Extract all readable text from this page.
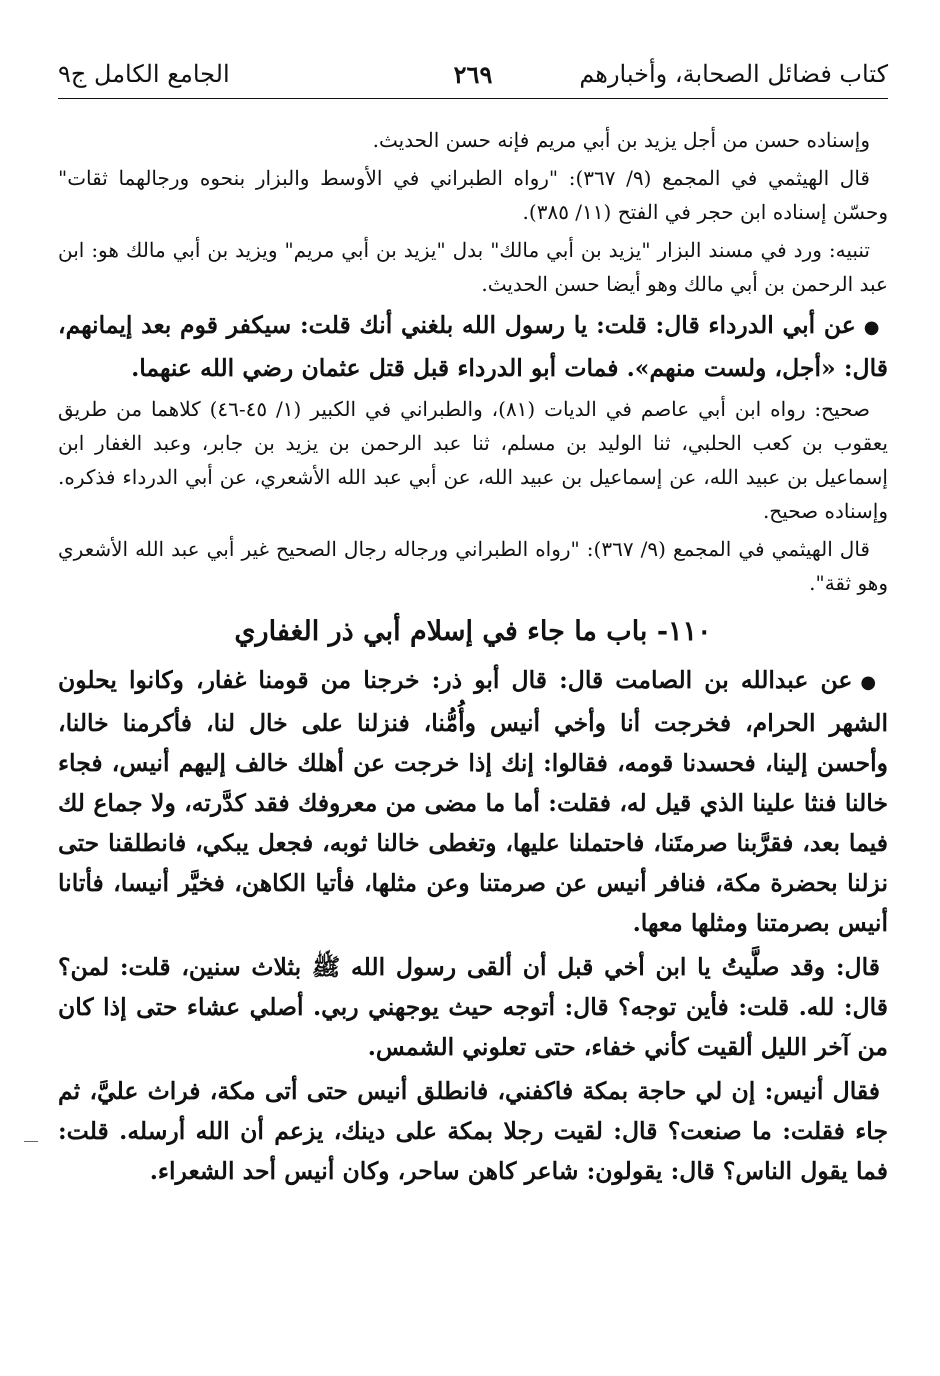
كتاب فضائل الصحابة، وأخبارهم
٢٦٩
الجامع الكامل ج٩

وإسناده حسن من أجل يزيد بن أبي مريم فإنه حسن الحديث.

قال الهيثمي في المجمع (٩/ ٣٦٧): "رواه الطبراني في الأوسط والبزار بنحوه ورجالهما ثقات" وحسّن إسناده ابن حجر في الفتح (١١/ ٣٨٥).

تنبيه: ورد في مسند البزار "يزيد بن أبي مالك" بدل "يزيد بن أبي مريم" ويزيد بن أبي مالك هو: ابن عبد الرحمن بن أبي مالك وهو أيضا حسن الحديث.

●عن أبي الدرداء قال: قلت: يا رسول الله بلغني أنك قلت: سيكفر قوم بعد إيمانهم، قال: «أجل، ولست منهم». فمات أبو الدرداء قبل قتل عثمان رضي الله عنهما.

صحيح: رواه ابن أبي عاصم في الديات (٨١)، والطبراني في الكبير (١/ ٤٥-٤٦) كلاهما من طريق يعقوب بن كعب الحلبي، ثنا الوليد بن مسلم، ثنا عبد الرحمن بن يزيد بن جابر، وعبد الغفار ابن إسماعيل بن عبيد الله، عن إسماعيل بن عبيد الله، عن أبي عبد الله الأشعري، عن أبي الدرداء فذكره. وإسناده صحيح.

قال الهيثمي في المجمع (٩/ ٣٦٧): "رواه الطبراني ورجاله رجال الصحيح غير أبي عبد الله الأشعري وهو ثقة".

١١٠- باب ما جاء في إسلام أبي ذر الغفاري

●عن عبدالله بن الصامت قال: قال أبو ذر: خرجنا من قومنا غفار، وكانوا يحلون الشهر الحرام، فخرجت أنا وأخي أنيس وأُمُّنا، فنزلنا على خال لنا، فأكرمنا خالنا، وأحسن إلينا، فحسدنا قومه، فقالوا: إنك إذا خرجت عن أهلك خالف إليهم أنيس، فجاء خالنا فنثا علينا الذي قيل له، فقلت: أما ما مضى من معروفك فقد كدَّرته، ولا جماع لك فيما بعد، فقرَّبنا صرمتَنا، فاحتملنا عليها، وتغطى خالنا ثوبه، فجعل يبكي، فانطلقنا حتى نزلنا بحضرة مكة، فنافر أنيس عن صرمتنا وعن مثلها، فأتيا الكاهن، فخيَّر أنيسا، فأتانا أنيس بصرمتنا ومثلها معها.

قال: وقد صلَّيتُ يا ابن أخي قبل أن ألقى رسول الله ﷺ بثلاث سنين، قلت: لمن؟ قال: لله. قلت: فأين توجه؟ قال: أتوجه حيث يوجهني ربي. أصلي عشاء حتى إذا كان من آخر الليل ألقيت كأني خفاء، حتى تعلوني الشمس.

فقال أنيس: إن لي حاجة بمكة فاكفني، فانطلق أنيس حتى أتى مكة، فراث عليَّ، ثم جاء فقلت: ما صنعت؟ قال: لقيت رجلا بمكة على دينك، يزعم أن الله أرسله. قلت: فما يقول الناس؟ قال: يقولون: شاعر كاهن ساحر، وكان أنيس أحد الشعراء.
